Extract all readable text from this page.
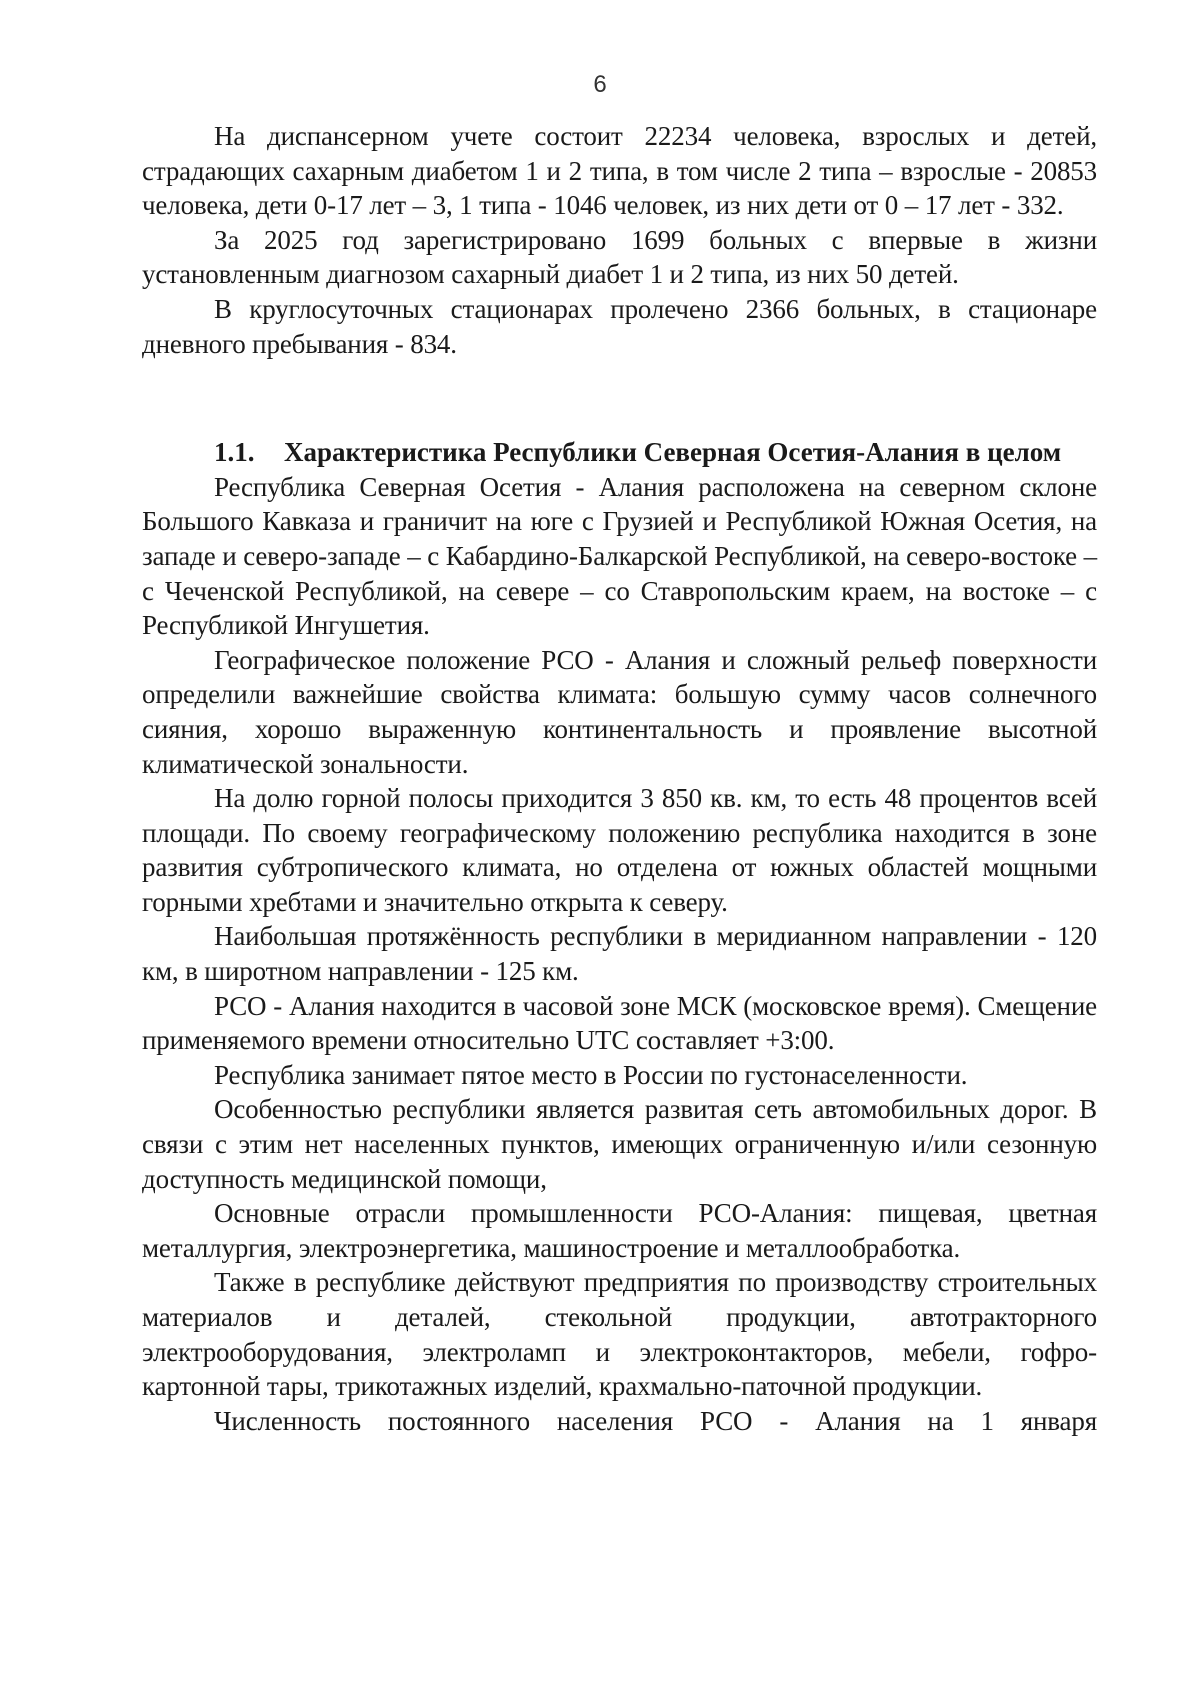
6

На диспансерном учете состоит 22234 человека, взрослых и детей, страдающих сахарным диабетом 1 и 2 типа, в том числе 2 типа – взрослые - 20853 человека, дети 0-17 лет – 3, 1 типа - 1046 человек, из них дети от 0 – 17 лет - 332.

За 2025 год зарегистрировано 1699 больных с впервые в жизни установленным диагнозом сахарный диабет 1 и 2 типа, из них 50 детей.

В круглосуточных стационарах пролечено 2366 больных, в стационаре дневного пребывания - 834.

1.1. Характеристика Республики Северная Осетия-Алания в целом

Республика Северная Осетия - Алания расположена на северном склоне Большого Кавказа и граничит на юге с Грузией и Республикой Южная Осетия, на западе и северо-западе – с Кабардино-Балкарской Республикой, на северо-востоке – с Чеченской Республикой, на севере – со Ставропольским краем, на востоке – с Республикой Ингушетия.

Географическое положение РСО - Алания и сложный рельеф поверхности определили важнейшие свойства климата: большую сумму часов солнечного сияния, хорошо выраженную континентальность и проявление высотной климатической зональности.

На долю горной полосы приходится 3 850 кв. км, то есть 48 процентов всей площади. По своему географическому положению республика находится в зоне развития субтропического климата, но отделена от южных областей мощными горными хребтами и значительно открыта к северу.

Наибольшая протяжённость республики в меридианном направлении - 120 км, в широтном направлении - 125 км.

РСО - Алания находится в часовой зоне МСК (московское время). Смещение применяемого времени относительно UTC составляет +3:00.

Республика занимает пятое место в России по густонаселенности.

Особенностью республики является развитая сеть автомобильных дорог. В связи с этим нет населенных пунктов, имеющих ограниченную и/или сезонную доступность медицинской помощи,

Основные отрасли промышленности РСО-Алания: пищевая, цветная металлургия, электроэнергетика, машиностроение и металлообработка.

Также в республике действуют предприятия по производству строительных материалов и деталей, стекольной продукции, автотракторного электрооборудования, электроламп и электроконтакторов, мебели, гофро-картонной тары, трикотажных изделий, крахмально-паточной продукции.

Численность постоянного населения РСО - Алания на 1 января
